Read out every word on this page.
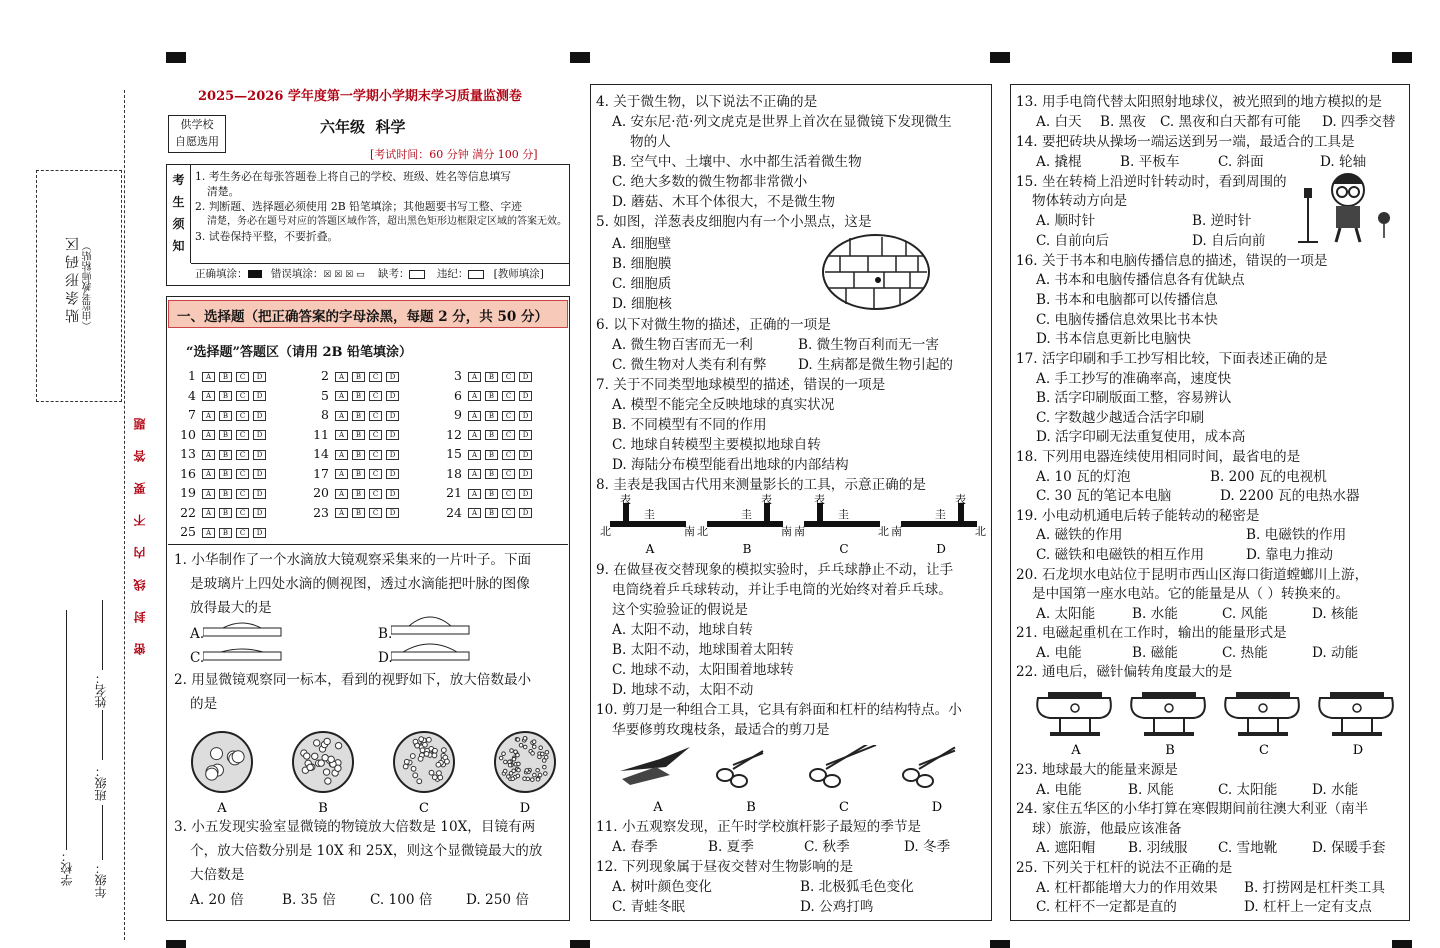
贴条形码区 （由监考教师粘贴）
密 封 线 内 不 要 答 题
学校： 年级：
班级：
姓名：
2025—2026 学年度第一学期小学期末学习质量监测卷
供学校
自愿选用
六年级  科学
[考试时间：60 分钟 满分 100 分]
考
生
须
知
1. 考生务必在每张答题卷上将自己的学校、班级、姓名等信息填写
清楚。
2. 判断题、选择题必须使用 2B 铅笔填涂；其他题要书写工整、字迹
清楚，务必在题号对应的答题区域作答，超出黑色矩形边框限定区域的答案无效。
3. 试卷保持平整，不要折叠。
正确填涂： 错误填涂：☒ ☒ ☒ ▭ 缺考：	违纪： [教师填涂]
一、选择题（把正确答案的字母涂黑，每题 2 分，共 50 分）
“选择题”答题区（请用 2B 铅笔填涂）
1 A B C D	2 A B C D	3 A B C D
4 A B C D	5 A B C D	6 A B C D
7 A B C D	8 A B C D	9 A B C D
10 A B C D	11 A B C D	12 A B C D
13 A B C D	14 A B C D	15 A B C D
16 A B C D	17 A B C D	18 A B C D
19 A B C D	20 A B C D	21 A B C D
22 A B C D	23 A B C D	24 A B C D
25 A B C D
1. 小华制作了一个水滴放大镜观察采集来的一片叶子。下面
是玻璃片上四处水滴的侧视图，透过水滴能把叶脉的图像
放得最大的是
A.	B.
C.	D.
2. 用显微镜观察同一标本，看到的视野如下，放大倍数最小
的是
A	B	C	D
3. 小五发现实验室显微镜的物镜放大倍数是 10X，目镜有两
个，放大倍数分别是 10X 和 25X，则这个显微镜最大的放
大倍数是
A. 20 倍	B. 35 倍	C. 100 倍 D. 250 倍
4. 关于微生物，以下说法不正确的是
A. 安东尼·范·列文虎克是世界上首次在显微镜下发现微生
物的人
B. 空气中、土壤中、水中都生活着微生物
C. 绝大多数的微生物都非常微小
D. 蘑菇、木耳个体很大，不是微生物
5. 如图，洋葱表皮细胞内有一个小黑点，这是
A. 细胞壁
B. 细胞膜
C. 细胞质
D. 细胞核
6. 以下对微生物的描述，正确的一项是
A. 微生物百害而无一利	B. 微生物百利而无一害
C. 微生物对人类有利有弊 D. 生病都是微生物引起的
7. 关于不同类型地球模型的描述，错误的一项是
A. 模型不能完全反映地球的真实状况
B. 不同模型有不同的作用
C. 地球自转模型主要模拟地球自转
D. 海陆分布模型能看出地球的内部结构
8. 圭表是我国古代用来测量影长的工具，示意正确的是
9. 在做昼夜交替现象的模拟实验时，乒乓球静止不动，让手
电筒绕着乒乓球转动，并让手电筒的光始终对着乒乓球。
这个实验验证的假说是
A. 太阳不动，地球自转
B. 太阳不动，地球围着太阳转
C. 地球不动，太阳围着地球转
D. 地球不动，太阳不动
10. 剪刀是一种组合工具，它具有斜面和杠杆的结构特点。小
华要修剪玫瑰枝条，最适合的剪刀是
11. 小五观察发现，正午时学校旗杆影子最短的季节是
A. 春季	B. 夏季	C. 秋季	D. 冬季
12. 下列现象属于昼夜交替对生物影响的是
A. 树叶颜色变化	B. 北极狐毛色变化
C. 青蛙冬眠	D. 公鸡打鸣
表
圭
北	南
A
表
圭
北	南
B
表
圭
南	北
C
表
圭
南	北
D
A	B	C	D
13. 用手电筒代替太阳照射地球仪，被光照到的地方模拟的是
A. 白天 B. 黑夜 C. 黑夜和白天都有可能 D. 四季交替
14. 要把砖块从操场一端运送到另一端，最适合的工具是
A. 撬棍	B. 平板车	C. 斜面	D. 轮轴
15. 坐在转椅上沿逆时针转动时，看到周围的
物体转动方向是
A. 顺时针	B. 逆时针
C. 自前向后	D. 自后向前
16. 关于书本和电脑传播信息的描述，错误的一项是
A. 书本和电脑传播信息各有优缺点
B. 书本和电脑都可以传播信息
C. 电脑传播信息效果比书本快
D. 书本信息更新比电脑快
17. 活字印刷和手工抄写相比较，下面表述正确的是
A. 手工抄写的准确率高，速度快
B. 活字印刷版面工整，容易辨认
C. 字数越少越适合活字印刷
D. 活字印刷无法重复使用，成本高
18. 下列用电器连续使用相同时间，最省电的是
A. 10 瓦的灯泡	B. 200 瓦的电视机
C. 30 瓦的笔记本电脑	D. 2200 瓦的电热水器
19. 小电动机通电后转子能转动的秘密是
A. 磁铁的作用	B. 电磁铁的作用
C. 磁铁和电磁铁的相互作用	D. 靠电力推动
20. 石龙坝水电站位于昆明市西山区海口街道螳螂川上游，
是中国第一座水电站。它的能量是从（ ）转换来的。
A. 太阳能	B. 水能	C. 风能	D. 核能
21. 电磁起重机在工作时，输出的能量形式是
A. 电能	B. 磁能	C. 热能	D. 动能
22. 通电后，磁针偏转角度最大的是
23. 地球最大的能量来源是
A. 电能	B. 风能	C. 太阳能	D. 水能
24. 家住五华区的小华打算在寒假期间前往澳大利亚（南半
球）旅游，他最应该准备
A. 遮阳帽 B. 羽绒服 C. 雪地靴	D. 保暖手套
25. 下列关于杠杆的说法不正确的是
A. 杠杆都能增大力的作用效果 B. 打捞网是杠杆类工具
C. 杠杆不一定都是直的	D. 杠杆上一定有支点
A	B	C	D
